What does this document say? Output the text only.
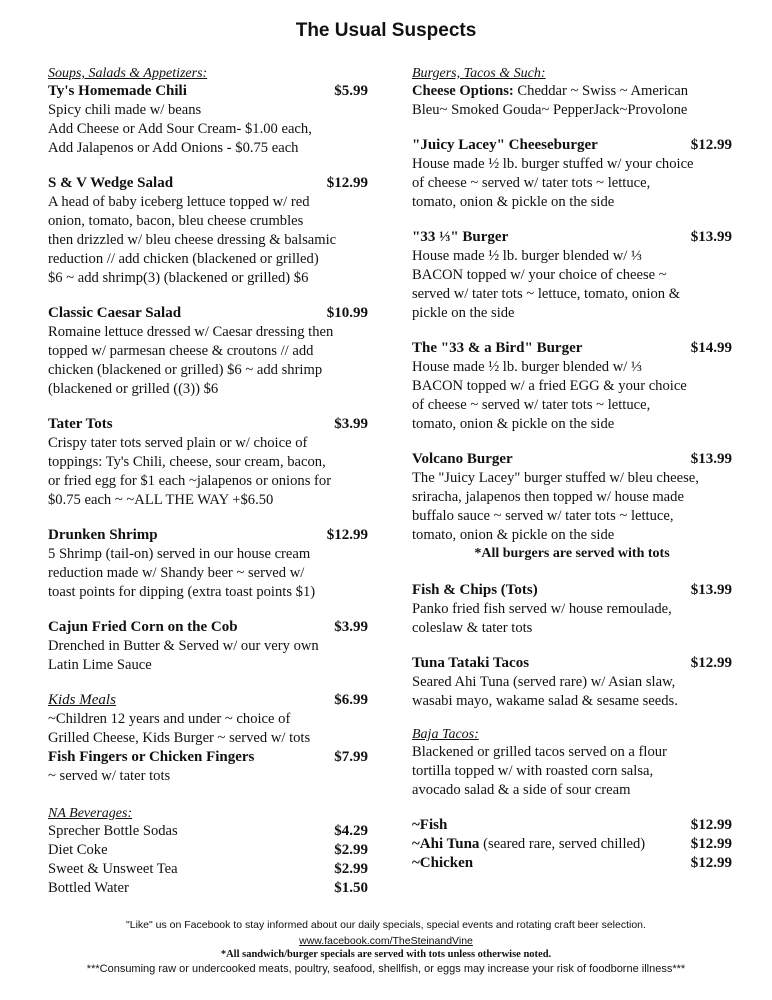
The Usual Suspects
Soups, Salads & Appetizers:
Ty's Homemade Chili	$5.99
Spicy chili made w/ beans
Add Cheese or Add Sour Cream- $1.00 each,
Add Jalapenos or Add Onions - $0.75 each
S & V Wedge Salad	$12.99
A head of baby iceberg lettuce topped w/ red
onion, tomato, bacon, bleu cheese crumbles
then drizzled w/ bleu cheese dressing & balsamic
reduction // add chicken (blackened or grilled)
$6 ~ add shrimp(3) (blackened or grilled) $6
Classic Caesar Salad	$10.99
Romaine lettuce dressed w/ Caesar dressing then
topped w/ parmesan cheese & croutons // add
chicken (blackened or grilled) $6 ~ add shrimp
(blackened or grilled ((3)) $6
Tater Tots	$3.99
Crispy tater tots served plain or w/ choice of
toppings: Ty's Chili, cheese, sour cream, bacon,
or fried egg for $1 each ~jalapenos or onions for
$0.75 each ~ ~ALL THE WAY +$6.50
Drunken Shrimp	$12.99
5 Shrimp (tail-on) served in our house cream
reduction made w/ Shandy beer ~ served w/
toast points for dipping (extra toast points $1)
Cajun Fried Corn on the Cob	$3.99
Drenched in Butter & Served w/ our very own
Latin Lime Sauce
Kids Meals	$6.99
~Children 12 years and under ~ choice of
Grilled Cheese, Kids Burger ~ served w/ tots
Fish Fingers or Chicken Fingers	$7.99
~ served w/ tater tots
NA Beverages:
Sprecher Bottle Sodas	$4.29
Diet Coke	$2.99
Sweet & Unsweet Tea	$2.99
Bottled Water	$1.50
Burgers, Tacos & Such:
Cheese Options: Cheddar ~ Swiss ~ American
Bleu~ Smoked Gouda~ PepperJack~Provolone
"Juicy Lacey" Cheeseburger	$12.99
House made ½ lb. burger stuffed w/ your choice
of cheese ~ served w/ tater tots ~ lettuce,
tomato, onion & pickle on the side
"33 ⅓" Burger	$13.99
House made ½ lb. burger blended w/ ⅓
BACON topped w/ your choice of cheese ~
served w/ tater tots ~ lettuce, tomato, onion &
pickle on the side
The "33 & a Bird" Burger	$14.99
House made ½ lb. burger blended w/ ⅓
BACON topped w/ a fried EGG & your choice
of cheese ~ served w/ tater tots ~ lettuce,
tomato, onion & pickle on the side
Volcano Burger	$13.99
The "Juicy Lacey" burger stuffed w/ bleu cheese,
sriracha, jalapenos then topped w/ house made
buffalo sauce ~ served w/ tater tots ~ lettuce,
tomato, onion & pickle on the side
*All burgers are served with tots
Fish & Chips (Tots)	$13.99
Panko fried fish served w/ house remoulade,
coleslaw & tater tots
Tuna Tataki Tacos	$12.99
Seared Ahi Tuna (served rare) w/ Asian slaw,
wasabi mayo, wakame salad & sesame seeds.
Baja Tacos:
Blackened or grilled tacos served on a flour
tortilla topped w/ with roasted corn salsa,
avocado salad & a side of sour cream
~Fish	$12.99
~Ahi Tuna (seared rare, served chilled)	$12.99
~Chicken	$12.99
"Like" us on Facebook to stay informed about our daily specials, special events and rotating craft beer selection.
www.facebook.com/TheSteinandVine
*All sandwich/burger specials are served with tots unless otherwise noted.
***Consuming raw or undercooked meats, poultry, seafood, shellfish, or eggs may increase your risk of foodborne illness***
